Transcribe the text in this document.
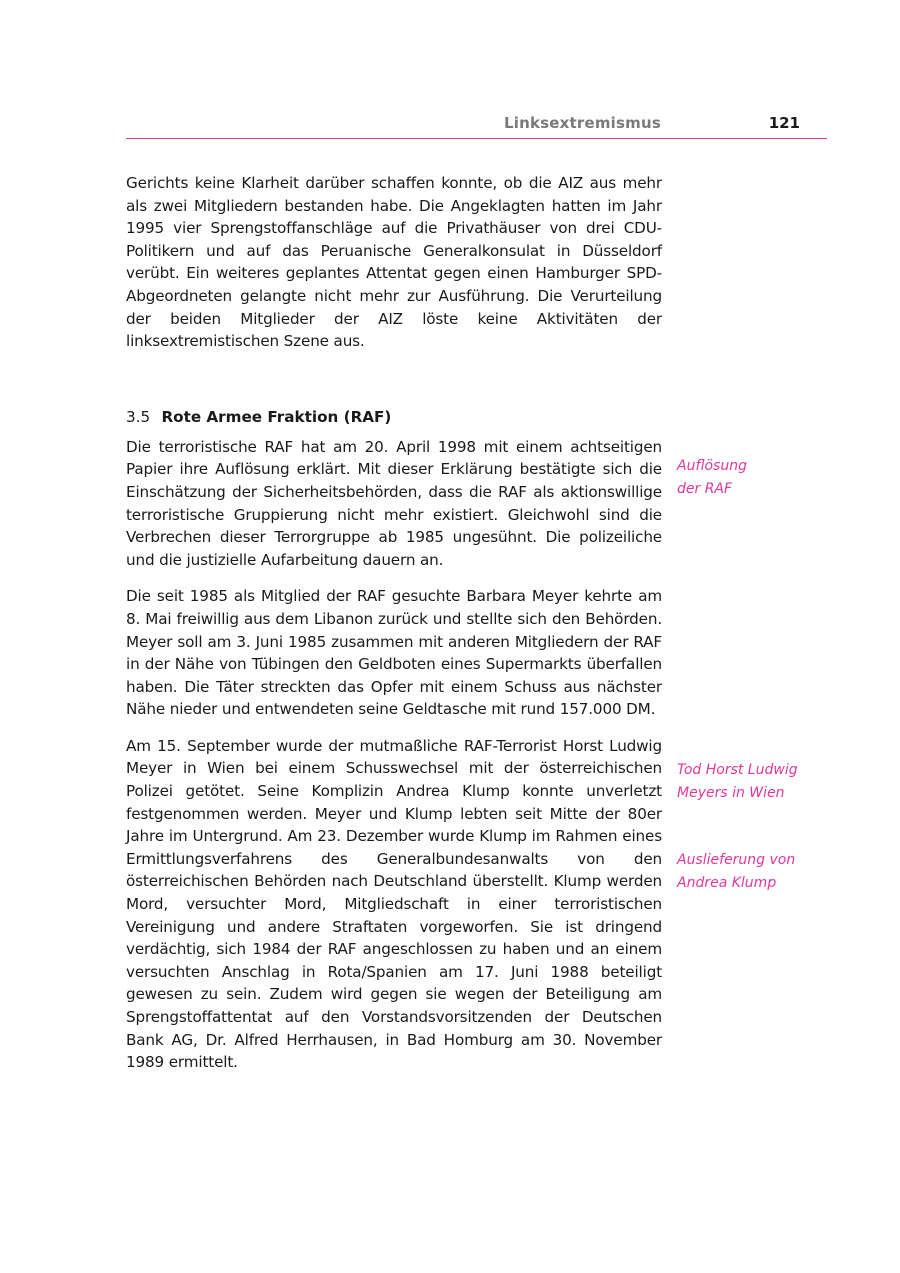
Linksextremismus	121

Gerichts keine Klarheit darüber schaffen konnte, ob die AIZ aus mehr als zwei Mitgliedern bestanden habe. Die Angeklagten hatten im Jahr 1995 vier Sprengstoffanschläge auf die Privathäuser von drei CDU-Politikern und auf das Peruanische Generalkonsulat in Düsseldorf verübt. Ein weiteres geplantes Attentat gegen einen Hamburger SPD-Abgeordneten gelangte nicht mehr zur Ausführung. Die Verurteilung der beiden Mitglieder der AIZ löste keine Aktivitäten der linksextremistischen Szene aus.

3.5 Rote Armee Fraktion (RAF)

Die terroristische RAF hat am 20. April 1998 mit einem achtseitigen Papier ihre Auflösung erklärt. Mit dieser Erklärung bestätigte sich die Einschätzung der Sicherheitsbehörden, dass die RAF als aktionswillige terroristische Gruppierung nicht mehr existiert. Gleichwohl sind die Verbrechen dieser Terrorgruppe ab 1985 ungesühnt. Die polizeiliche und die justizielle Aufarbeitung dauern an.

Die seit 1985 als Mitglied der RAF gesuchte Barbara Meyer kehrte am 8. Mai freiwillig aus dem Libanon zurück und stellte sich den Behörden. Meyer soll am 3. Juni 1985 zusammen mit anderen Mitgliedern der RAF in der Nähe von Tübingen den Geldboten eines Supermarkts überfallen haben. Die Täter streckten das Opfer mit einem Schuss aus nächster Nähe nieder und entwendeten seine Geldtasche mit rund 157.000 DM.

Am 15. September wurde der mutmaßliche RAF-Terrorist Horst Ludwig Meyer in Wien bei einem Schusswechsel mit der österreichischen Polizei getötet. Seine Komplizin Andrea Klump konnte unverletzt festgenommen werden. Meyer und Klump lebten seit Mitte der 80er Jahre im Untergrund. Am 23. Dezember wurde Klump im Rahmen eines Ermittlungsverfahrens des Generalbundesanwalts von den österreichischen Behörden nach Deutschland überstellt. Klump werden Mord, versuchter Mord, Mitgliedschaft in einer terroristischen Vereinigung und andere Straftaten vorgeworfen. Sie ist dringend verdächtig, sich 1984 der RAF angeschlossen zu haben und an einem versuchten Anschlag in Rota/Spanien am 17. Juni 1988 beteiligt gewesen zu sein. Zudem wird gegen sie wegen der Beteiligung am Sprengstoffattentat auf den Vorstandsvorsitzenden der Deutschen Bank AG, Dr. Alfred Herrhausen, in Bad Homburg am 30. November 1989 ermittelt.

Auflösung
der RAF
Tod Horst Ludwig
Meyers in Wien
Auslieferung von
Andrea Klump
